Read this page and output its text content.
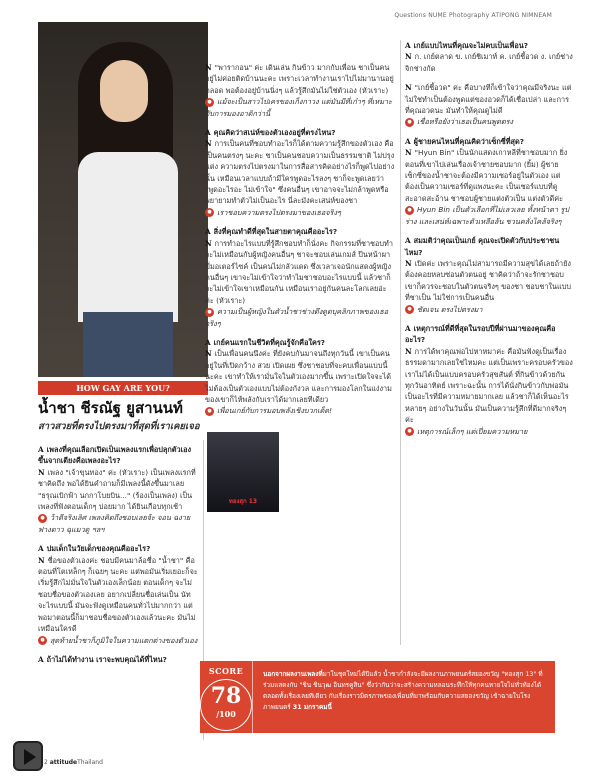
Questions NUME Photography ATIPONG NIMNEAM
HOW GAY ARE YOU?
น้ำชา ชีรณัฐ ยูสานนท์
สาวสวยที่ตรงไปตรงมาที่สุดที่เราเคยเจอ

A เพลงที่คุณเลือกเปิดเป็นเพลงแรกเพื่อปลุกตัวเองขึ้นจากเตียงคือเพลงอะไร?
N เพลง "เจ้าขุนทอง" ค่ะ (หัวเราะ) เป็นเพลงแรกที่ชาคิดถึง พอได้ยินคำถามก็มีเพลงนี้ดังขึ้นมาเลย "ธรุณเบิกฟ้า นกกาโบยบิน..." (ร้องเป็นเพลง) เป็นเพลงที่ฟังตอนเด็กๆ บ่อยมาก ได้ยินเกือบทุกเช้า
● ว้าดีจริงเลิศ เพลงคิดถึงชอบเลยจ้ะ จอน ฉงาย ฟางดาว ฉุแมวดู ฯลฯ

A ปมเด็กในวัยเด็กของคุณคืออะไร?
N ชื่อของตัวเองค่ะ ชอบมีคนมาล้อชื่อ "น้ำชา" คือตอนที่โตเหล็กๆ ก็เฉยๆ นะคะ แต่พอมันเริ่มเยอะก็จะเริ่มรู้สึกไม่มั่นใจในตัวเองเล็กน้อย ตอนเด็กๆ จะไม่ชอบชื่อของตัวเองเลย อยากเปลี่ยนชื่อเล่นเป็น นัท จะไรแบบนี้ มันจะฟังดูเหมือนคนทั่วไปมากกว่า แต่พอมาตอนนี้ก็มาชอบชื่อของตัวเองแล้วนะคะ มันไม่เหมือนใครดี
● สุดท้ายน้ำชาก็ภูมิใจในความแตกต่างของตัวเอง

A ถ้าไม่ได้ทำงาน เราจะพบคุณได้ที่ไหน?

N "พารากอน" ค่ะ เดินเล่น กินข้าว มากกับเพื่อน ชาเป็นคนอยู่ไม่ค่อยติดบ้านนะคะ เพราะเวลาทำงานเราไปไม่มานานอยู่ตลอด พอต้องอยู่บ้านนิ่งๆ แล้วรู้สึกมันไม่ใช่ตัวเอง (หัวเราะ)
● แม้จะเป็นสาวไปเครของเก็งกาวง แต่มันมีที่เก๋าๆ ที่เหมาะกับการมองอาดิกว่านี้

A คุณคิดว่าสเน่ห์ของตัวเองอยู่ที่ตรงไหน?
N การเป็นคนที่ชอบทำอะไรก็ได้ตามความรู้สึกของตัวเอง คือเป็นคนตรงๆ นะคะ ชาเป็นคนชอบความเป็นธรรมชาติ ไม่ปรุงแต่ง ความตรงไปตรงมาในการสื่อสารคิดอย่างไรก็พูดไปอย่างนั้น เหมือนเวลาแบบถ้ามีใครพูดอะไรลงๆ ชาก็จะพูดเลยว่า "พูดอะไรอะ ไม่เข้าใจ" ซึ่งคนอื่นๆ เขาอาจจะไม่กล้าพูดหรือพยายามทำตัวไม่เป็นอะไร นี่ละมังคะเสน่ห์ของชา
● เราชอบความตรงไปตรงมาของเธอจริงๆ

A สิ่งที่คุณทำดีที่สุดในสายตาคุณคืออะไร?
N การทำอะไรแบบที่รู้สึกชอบทำก็นั่งคะ กิจกรรมที่ชาชอบทำจะไม่เหมือนกับผู้หญิงคนอื่นๆ ชาจะชอบเล่นเกมส์ ปีนหน้าผา ขี่มอเตอร์ไซค์ เป็นคนไม่กลัวแดด ซึ่งเวลาเจอนักแสดงผู้หญิงคนอื่นๆ เขาจะไม่เข้าใจว่าทำไมชาชอบอะไรแบบนี้ แล้วชาก็จะไม่เข้าใจเขาเหมือนกัน เหมือนเราอยู่กันคนละโลกเลยอ่ะค่ะ (หัวเราะ)
● ความเป็นผู้หญิงในตัวน้ำชาช่างดึงดูดบุคลิกภาพของเธอจริงๆ

A เกย์คนแรกในชีวิตที่คุณรู้จักคือใคร?
N เป็นเพื่อนคนนึงค่ะ ที่ยังคบกันมาจนถึงทุกวันนี้ เขาเป็นคนอยู่ในที่เปิดกว้าง สวย เปิดเผย ซึ่งชาชอบที่จะคบเพื่อนแบบนี้นะคะ เขาทำให้เรามั่นใจในตัวเองมากขึ้น เพราะเปิดใจจะได้ไม่ต้องเป็นตัวเองแบบไม่ต้องกังวล และการมองโลกในแง่งามของเขาก็ไห้พลังกับเราได้มากเลยทีเดียว
● เพื่อนเกย์กับการมอบพลังเชิงบวกเด็ด!

A เกย์แบบไหนที่คุณจะไม่คบเป็นเพื่อน?
N ก. เกย์ตลาด ข. เกย์ชิเมาท์ ค. เกย์ชี้อวด ง. เกย์ช่างจิกช่างกัด

N "เกย์ชี้อวด" ค่ะ คือบางทีก็เข้าใจว่าคุณมีจริงนะ แต่ไม่ใช่ทำเป็นต้องพูดแต่ของอวดก็ได้เชื่อเปล่า และการที่คุณอวดนะ มันทำให้คุณดูไม่ดี
● เชื่อหรือยังว่าเธอเป็นคนพูดตรง

A ผู้ชายคนไหนที่คุณคิดว่าเซ็กซี่ที่สุด?
N "Hyun Bin" เป็นนักแสดงเกาหลีที่ชาชอบมาก ยิ่งตอนที่เขาไปเล่นเรื่องเจ้าชายซอบมาก (ยิ้ม) ผู้ชายเซ็กซี่ของน้ำชาจะต้องมีความเซอร์อยู่ในตัวเอง แต่ต้องเป็นความเซอร์ที่ดูแพงนะคะ เป็นเซอร์แบบที่ดูสะอาดสะอ้าน ชาชอบผู้ชายแต่งตัวเป็น แต่งตัวดีค่ะ
● Hyun Bin เป็นตัวเลือกที่ไม่เลวเลย ทั้งหน้าตา รูปร่าง และเสน่ห์เฉพาะตัวเหลือล้น ชวนคลั่งไคล้จริงๆ

A สมมติว่าคุณเป็นเกย์ คุณจะเปิดตัวกับประชาชนไหม?
N เปิดค่ะ เพราะคุณไม่สามารถมีความสุขได้เลยถ้ายังต้องคอยหลบซ่อนตัวตนอยู่ ชาคิดว่าถ้าจะรักชาชอบเขาก็ควรจะชอบในตัวตนจริงๆ ของชา ชอบชาในแบบที่ชาเป็น ไม่ใช่การเป็นคนอื่น
● ชัดเจน ตรงไปตรงมา

A เหตุการณ์ที่ดีที่สุดในรอบปีที่ผ่านมาของคุณคืออะไร?
N การได้พาคุณพ่อไปหาหมาค่ะ คือมันฟังดูเป็นเรื่องธรรมดามากเลยใช่ไหมคะ แต่เป็นเพราะครอบครัวของเราไม่ได้เป็นแบบครอบครัวสุขสันต์ ที่กินข้าวด้วยกันทุกวันอาทิตย์ เพราะฉะนั้น การได้นั่งกินข้าวกับพ่อมันเป็นอะไรที่มีความหมายมากเลย แล้วชาก็ได้เห็นอะไรหลายๆ อย่างในวันนั้น มันเป็นความรู้สึกที่ดีมากจริงๆ ค่ะ
● เหตุการณ์เล็กๆ แต่เปี่ยมความหมาย

SCORE
78
/100
นอกจากผลงานเพลงที่มาในชุดใหม่ได้ปีแล้ว น้ำชากำลังจะมีผลงานภาพยนตร์สยองขวัญ "ทองสุก 13" ที่ร่วมแสดงกับ "ชิน ชินวุฒ อินทรคูสิน" ซึ่งว่ากันว่าจะสร้างความหลอนระทึกให้ทุกคนหายใจไม่ทั่วท้องได้ตลอดทั้งเรื่องเลยทีเดียว กับเรื่องราวมิตรภาพของเพื่อนที่มาพร้อมกับความสยองขวัญ เข้าฉายในโรงภาพยนตร์ 31 มกราคมนี้
2 attitudeThailand
ทองสุก 13
